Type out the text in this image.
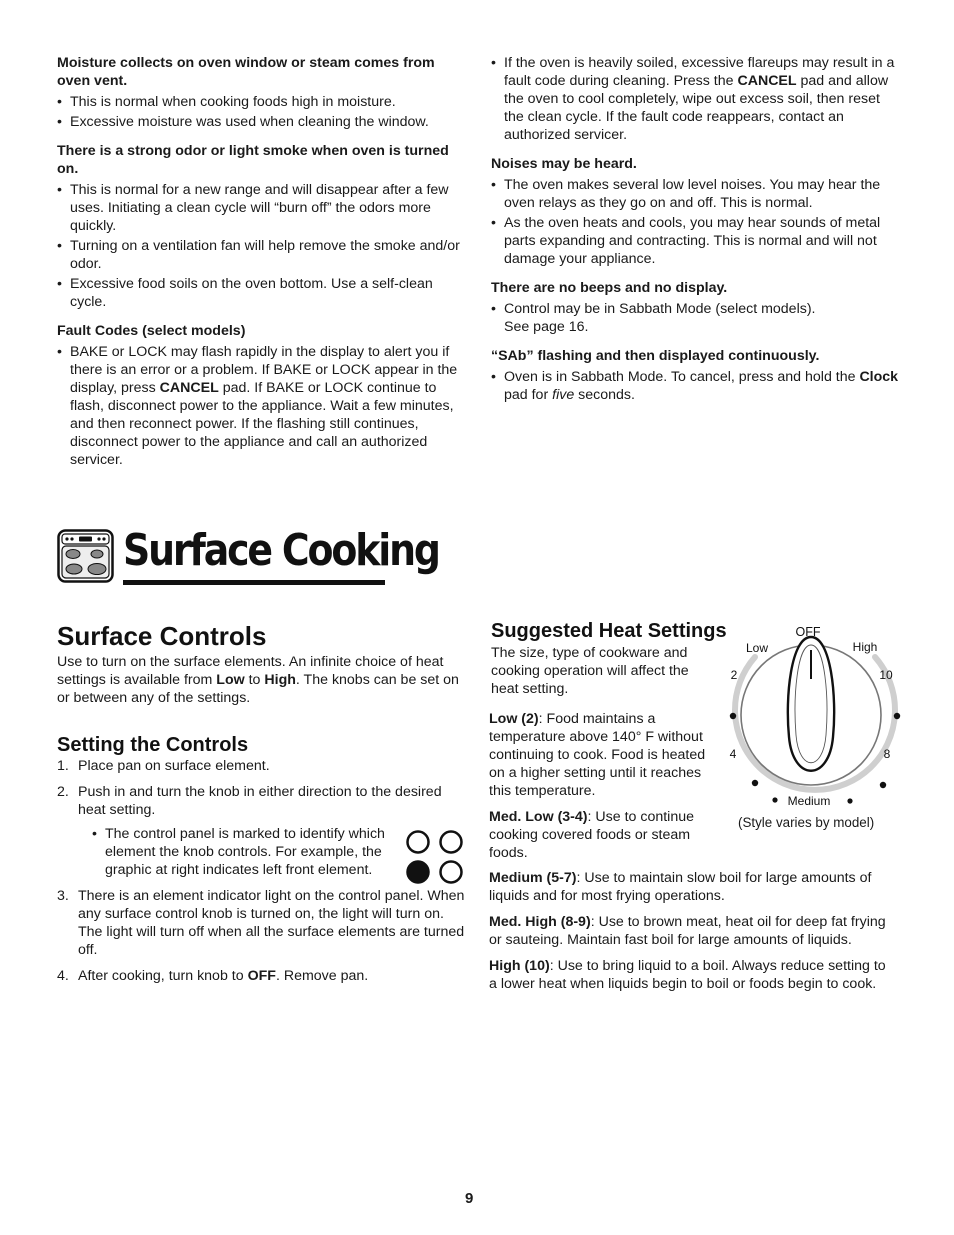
Moisture collects on oven window or steam comes from oven vent.

• This is normal when cooking foods high in moisture.
• Excessive moisture was used when cleaning the window.

There is a strong odor or light smoke when oven is turned on.

• This is normal for a new range and will disappear after a few uses. Initiating a clean cycle will “burn off” the odors more quickly.
• Turning on a ventilation fan will help remove the smoke and/or odor.
• Excessive food soils on the oven bottom. Use a self-clean cycle.

Fault Codes (select models)

• BAKE or LOCK may flash rapidly in the display to alert you if there is an error or a problem. If BAKE or LOCK appear in the display, press CANCEL pad. If BAKE or LOCK continue to flash, disconnect power to the appliance. Wait a few minutes, and then reconnect power. If the flashing still continues, disconnect power to the appliance and call an authorized servicer.
• If the oven is heavily soiled, excessive flareups may result in a fault code during cleaning. Press the CANCEL pad and allow the oven to cool completely, wipe out excess soil, then reset the clean cycle. If the fault code reappears, contact an authorized servicer.

Noises may be heard.

• The oven makes several low level noises. You may hear the oven relays as they go on and off. This is normal.
• As the oven heats and cools, you may hear sounds of metal parts expanding and contracting. This is normal and will not damage your appliance.

There are no beeps and no display.

• Control may be in Sabbath Mode (select models).
See page 16.

“SAb” flashing and then displayed continuously.

• Oven is in Sabbath Mode. To cancel, press and hold the Clock pad for five seconds.
Surface Cooking
Surface Controls
Use to turn on the surface elements. An infinite choice of heat settings is available from Low to High. The knobs can be set on or between any of the settings.
Setting the Controls
1. Place pan on surface element.
2. Push in and turn the knob in either direction to the desired heat setting.
• The control panel is marked to identify which element the knob controls. For example, the graphic at right indicates left front element.
3. There is an element indicator light on the control panel. When any surface control knob is turned on, the light will turn on. The light will turn off when all the surface elements are turned off.
4. After cooking, turn knob to OFF. Remove pan.
Suggested Heat Settings
The size, type of cookware and cooking operation will affect the heat setting.
Low (2): Food maintains a temperature above 140° F without continuing to cook. Food is heated on a higher setting until it reaches this temperature.
Med. Low (3-4): Use to continue cooking covered foods or steam foods.
Medium (5-7): Use to maintain slow boil for large amounts of liquids and for most frying operations.
Med. High (8-9): Use to brown meat, heat oil for deep fat frying or sauteing. Maintain fast boil for large amounts of liquids.
High (10): Use to bring liquid to a boil. Always reduce setting to a lower heat when liquids begin to boil or foods begin to cook.
OFF
Low	High
2	10
4	8
Medium
(Style varies by model)
9
